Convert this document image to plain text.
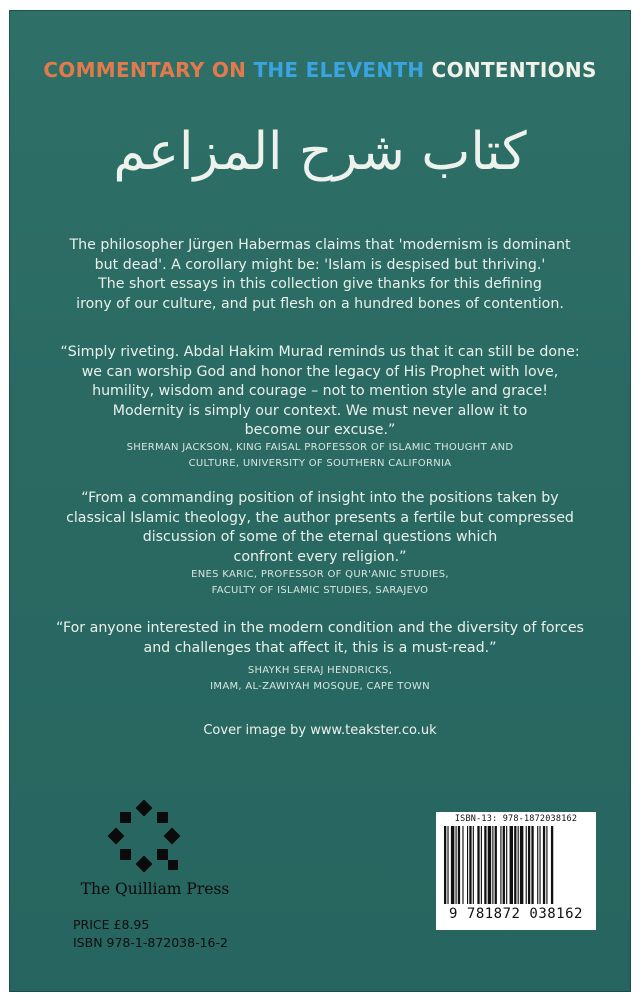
COMMENTARY ON THE ELEVENTH CONTENTIONS
كتاب شرح المزاعم
The philosopher Jürgen Habermas claims that 'modernism is dominant
but dead'. A corollary might be: 'Islam is despised but thriving.'
The short essays in this collection give thanks for this defining
irony of our culture, and put flesh on a hundred bones of contention.
“Simply riveting. Abdal Hakim Murad reminds us that it can still be done:
we can worship God and honor the legacy of His Prophet with love,
humility, wisdom and courage – not to mention style and grace!
Modernity is simply our context. We must never allow it to
become our excuse.”
SHERMAN JACKSON, KING FAISAL PROFESSOR OF ISLAMIC THOUGHT AND
CULTURE, UNIVERSITY OF SOUTHERN CALIFORNIA
“From a commanding position of insight into the positions taken by
classical Islamic theology, the author presents a fertile but compressed
discussion of some of the eternal questions which
confront every religion.”
ENES KARIC, PROFESSOR OF QUR'ANIC STUDIES,
FACULTY OF ISLAMIC STUDIES, SARAJEVO
“For anyone interested in the modern condition and the diversity of forces
and challenges that affect it, this is a must-read.”
SHAYKH SERAJ HENDRICKS,
IMAM, AL-ZAWIYAH MOSQUE, CAPE TOWN
Cover image by www.teakster.co.uk
The Quilliam Press
PRICE £8.95
ISBN 978-1-872038-16-2
ISBN-13: 978-1872038162
9 781872 038162
